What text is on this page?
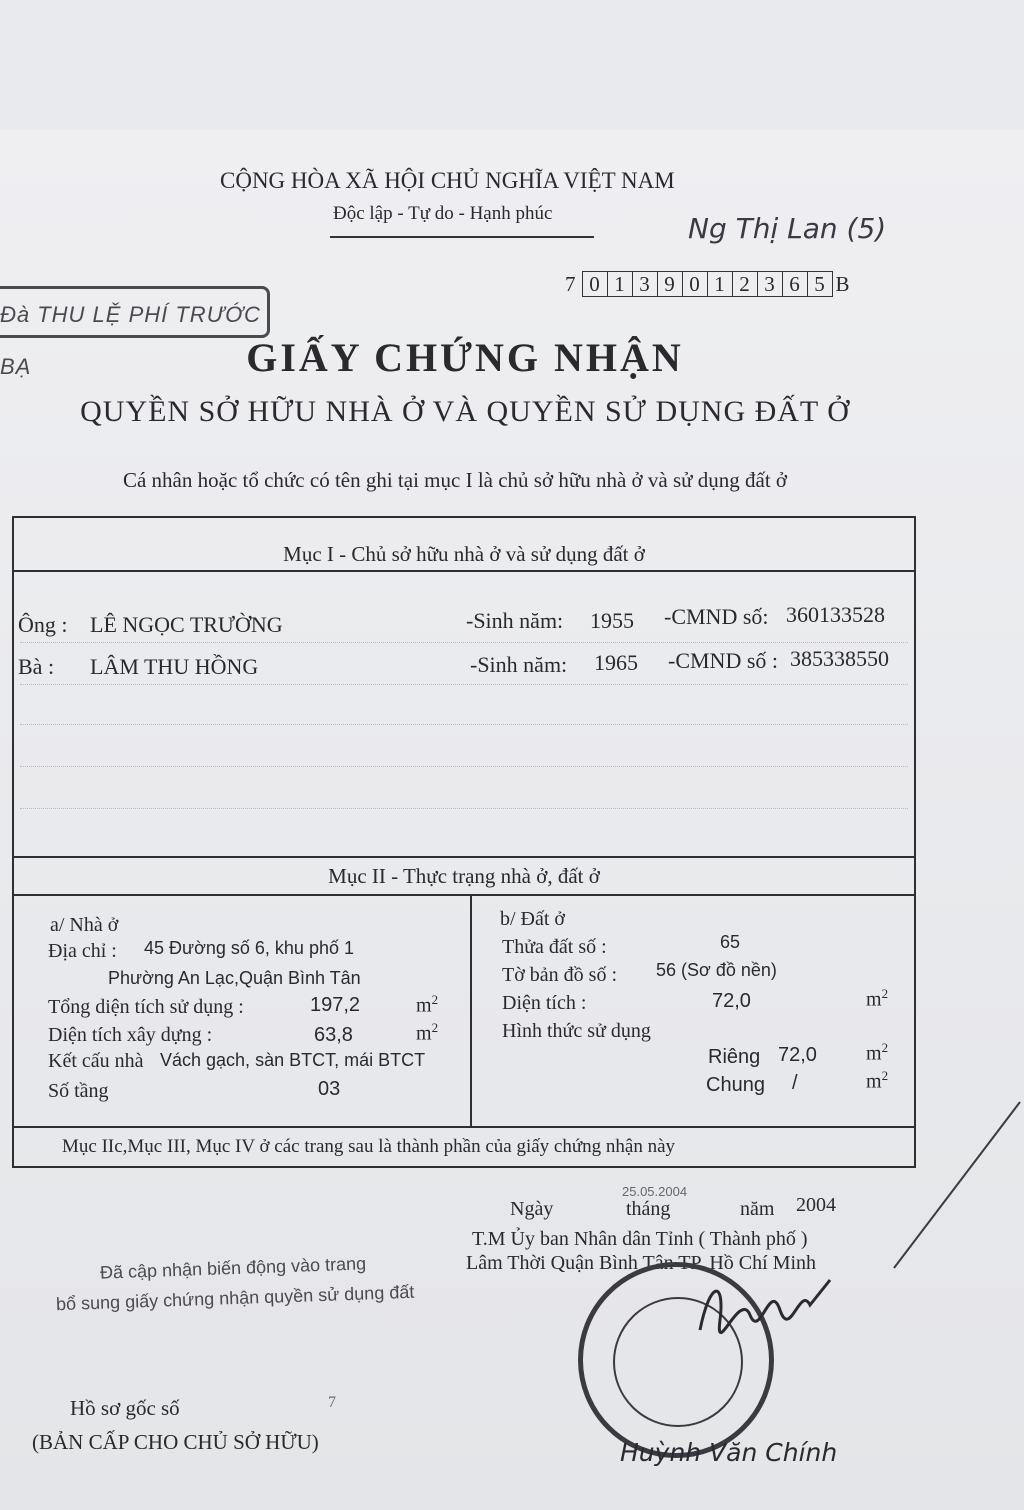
CỘNG HÒA XÃ HỘI CHỦ NGHĨA VIỆT NAM
Độc lập - Tự do - Hạnh phúc	Ng Thị Lan (5)
7 0 1 3 9 0 1 2 3 6 5 B
Đà THU LỆ PHÍ TRƯỚC BẠ	GIẤY CHỨNG NHẬN
QUYỀN SỞ HỮU NHÀ Ở VÀ QUYỀN SỬ DỤNG ĐẤT Ở
Cá nhân hoặc tổ chức có tên ghi tại mục I là chủ sở hữu nhà ở và sử dụng đất ở
Mục I - Chủ sở hữu nhà ở và sử dụng đất ở
Ông : LÊ NGỌC TRƯỜNG	-Sinh năm: 1955 -CMND số: 360133528
Bà : LÂM THU HỒNG	-Sinh năm: 1965 -CMND số : 385338550
Mục II - Thực trạng nhà ở, đất ở
a/ Nhà ở
Địa chỉ : 45 Đường số 6, khu phố 1
Phường An Lạc,Quận Bình Tân
Tổng diện tích sử dụng :	197,2	$m^2$
Diện tích xây dựng :	63,8	$m^2$
Kết cấu nhà Vách gạch, sàn BTCT, mái BTCT
Số tầng	03
b/ Đất ở
Thửa đất số :	65
Tờ bản đồ số : 56 (Sơ đồ nền)
Diện tích :	72,0	$m^2$
Hình thức sử dụng
Riêng 72,0 $m^2$
Chung /	$m^2$
Mục IIc,Mục III, Mục IV ở các trang sau là thành phần của giấy chứng nhận này
25.05.2004
Ngày	tháng	năm 2004
T.M Ủy ban Nhân dân Tỉnh ( Thành phố )
Lâm Thời Quận Bình Tân TP. Hồ Chí Minh
Huỳnh Văn Chính
Đã cập nhận biến động vào trang
bổ sung giấy chứng nhận quyền sử dụng đất
Hồ sơ gốc số	7
(BẢN CẤP CHO CHỦ SỞ HỮU)
